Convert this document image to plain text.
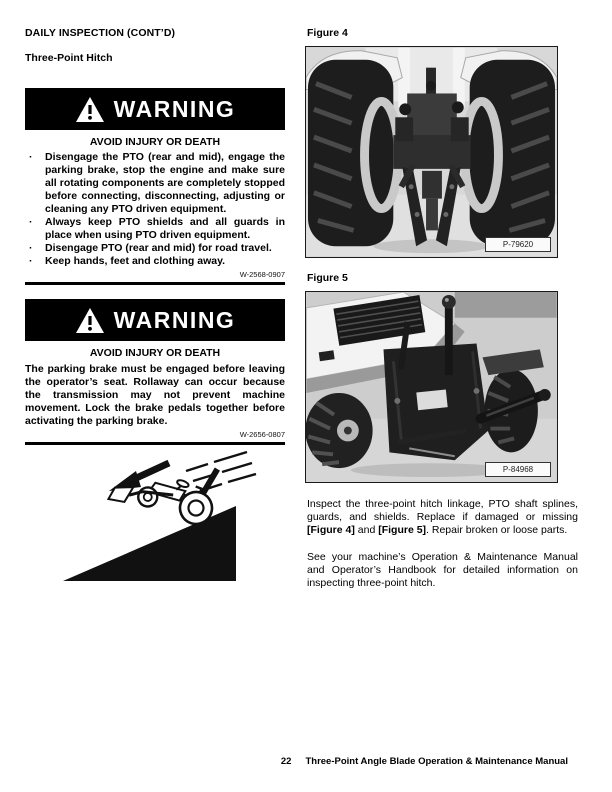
DAILY INSPECTION (CONT’D)
Three-Point Hitch
WARNING
AVOID INJURY OR DEATH
· Disengage the PTO (rear and mid), engage the parking brake, stop the engine and make sure all rotating components are completely stopped before connecting, disconnecting, adjusting or cleaning any PTO driven equipment.
· Always keep PTO shields and all guards in place when using PTO driven equipment.
· Disengage PTO (rear and mid) for road travel.
· Keep hands, feet and clothing away.
W-2568-0907
WARNING
AVOID INJURY OR DEATH
The parking brake must be engaged before leaving the operator’s seat. Rollaway can occur because the transmission may not prevent machine movement. Lock the brake pedals together before activating the parking brake.
W-2656-0807
Figure 4
P-79620
Figure 5
P-84968

Inspect the three-point hitch linkage, PTO shaft splines, guards, and shields. Replace if damaged or missing [Figure 4] and [Figure 5]. Repair broken or loose parts.

See your machine’s Operation & Maintenance Manual and Operator’s Handbook for detailed information on inspecting three-point hitch.

22 Three-Point Angle Blade Operation & Maintenance Manual
